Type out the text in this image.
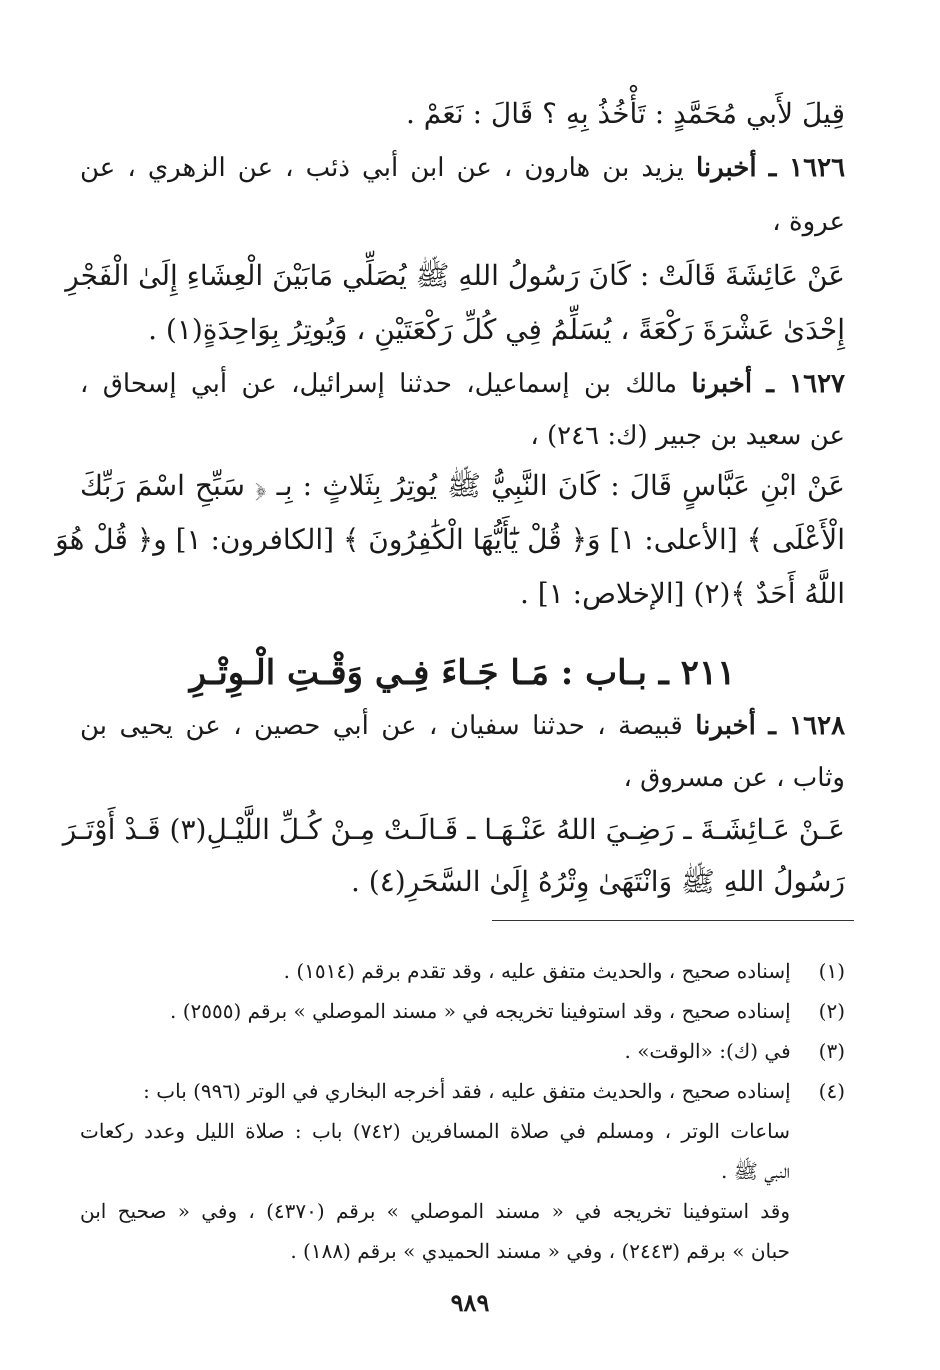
قِيلَ لأَبي مُحَمَّدٍ : تَأْخُذُ بِهِ ؟ قَالَ : نَعَمْ .
١٦٢٦ ـ أخبرنا يزيد بن هارون ، عن ابن أبي ذئب ، عن الزهري ، عن
عروة ،
عَنْ عَائِشَةَ قَالَتْ : كَانَ رَسُولُ اللهِ ﷺ يُصَلِّي مَابَيْنَ الْعِشَاءِ إِلَىٰ الْفَجْرِ
إِحْدَىٰ عَشْرَةَ رَكْعَةً ، يُسَلِّمُ فِي كُلِّ رَكْعَتَيْنِ ، وَيُوتِرُ بِوَاحِدَةٍ(١) .
١٦٢٧ ـ أخبرنا مالك بن إسماعيل، حدثنا إسرائيل، عن أبي إسحاق ،
عن سعيد بن جبير (ك: ٢٤٦) ،
عَنْ ابْنِ عَبَّاسٍ قَالَ : كَانَ النَّبِيُّ ﷺ يُوتِرُ بِثَلاثٍ : بِـ ﴿ سَبِّحِ اسْمَ رَبِّكَ
الْأَعْلَى ﴾ [الأعلى: ١] وَ﴿ قُلْ يَٰٓأَيُّهَا الْكَٰفِرُونَ ﴾ [الكافرون: ١] و﴿ قُلْ هُوَ
اللَّهُ أَحَدٌ ﴾(٢) [الإخلاص: ١] .
٢١١ ـ بـاب : مَـا جَـاءَ فِـي وَقْـتِ الْـوِتْـرِ
١٦٢٨ ـ أخبرنا قبيصة ، حدثنا سفيان ، عن أبي حصين ، عن يحيى بن
وثاب ، عن مسروق ،
عَـنْ عَـائِشَـةَ ـ رَضِـيَ اللهُ عَنْـهَـا ـ قَـالَـتْ مِـنْ كُـلِّ اللَّيْـلِ(٣) قَـدْ أَوْتَـرَ
رَسُولُ اللهِ ﷺ وَانْتَهَىٰ وِتْرُهُ إِلَىٰ السَّحَرِ(٤) .
(١) إسناده صحيح ، والحديث متفق عليه ، وقد تقدم برقم (١٥١٤) .
(٢) إسناده صحيح ، وقد استوفينا تخريجه في « مسند الموصلي » برقم (٢٥٥٥) .
(٣) في (ك): «الوقت» .
(٤) إسناده صحيح ، والحديث متفق عليه ، فقد أخرجه البخاري في الوتر (٩٩٦) باب :
ساعات الوتر ، ومسلم في صلاة المسافرين (٧٤٢) باب : صلاة الليل وعدد ركعات
النبي ﷺ .
وقد استوفينا تخريجه في « مسند الموصلي » برقم (٤٣٧٠) ، وفي « صحيح ابن
حبان » برقم (٢٤٤٣) ، وفي « مسند الحميدي » برقم (١٨٨) .
٩٨٩
